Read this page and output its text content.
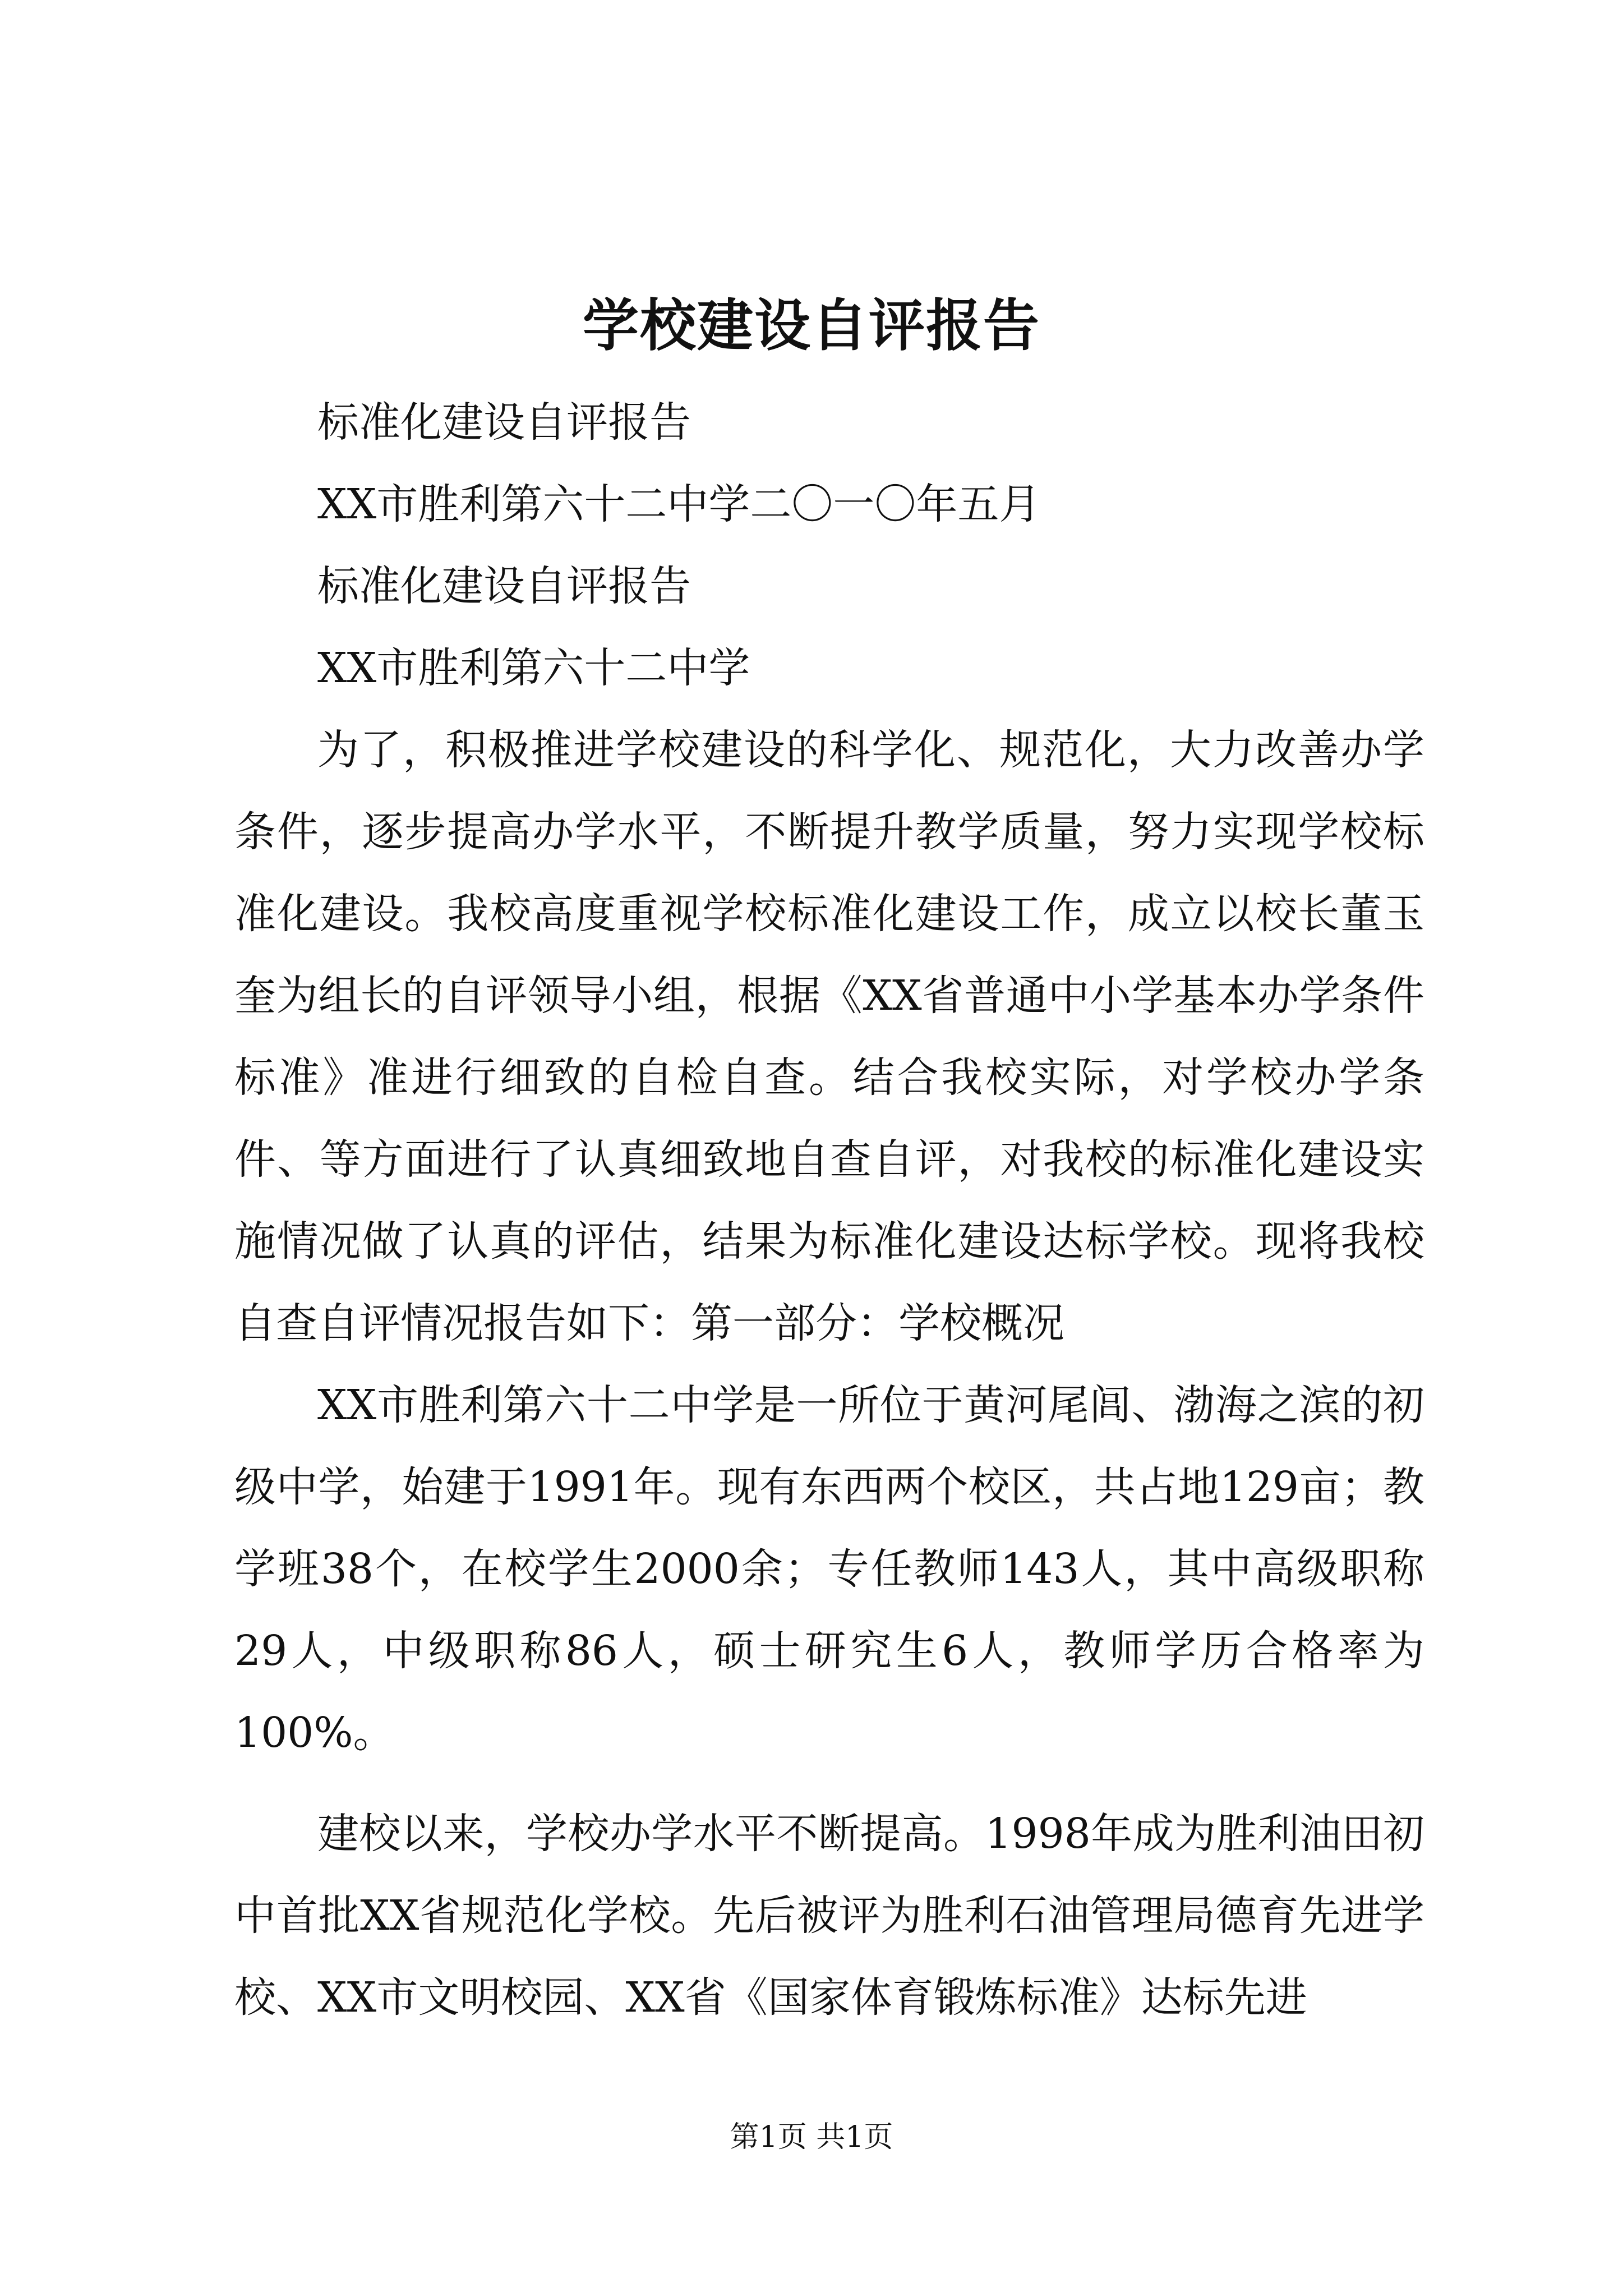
学校建设自评报告

标准化建设自评报告

XX市胜利第六十二中学二〇一〇年五月

标准化建设自评报告

XX市胜利第六十二中学

为了，积极推进学校建设的科学化、规范化，大力改善办学条件，逐步提高办学水平，不断提升教学质量，努力实现学校标准化建设。我校高度重视学校标准化建设工作，成立以校长董玉奎为组长的自评领导小组，根据《XX省普通中小学基本办学条件标准》准进行细致的自检自查。结合我校实际，对学校办学条件、等方面进行了认真细致地自查自评，对我校的标准化建设实施情况做了认真的评估，结果为标准化建设达标学校。现将我校自查自评情况报告如下：第一部分：学校概况

XX市胜利第六十二中学是一所位于黄河尾闾、渤海之滨的初级中学，始建于1991年。现有东西两个校区，共占地129亩；教学班38个，在校学生2000余；专任教师143人，其中高级职称29人，中级职称86人，硕士研究生6人，教师学历合格率为100%。

建校以来，学校办学水平不断提高。1998年成为胜利油田初中首批XX省规范化学校。先后被评为胜利石油管理局德育先进学校、XX市文明校园、XX省《国家体育锻炼标准》达标先进

第1页 共1页
